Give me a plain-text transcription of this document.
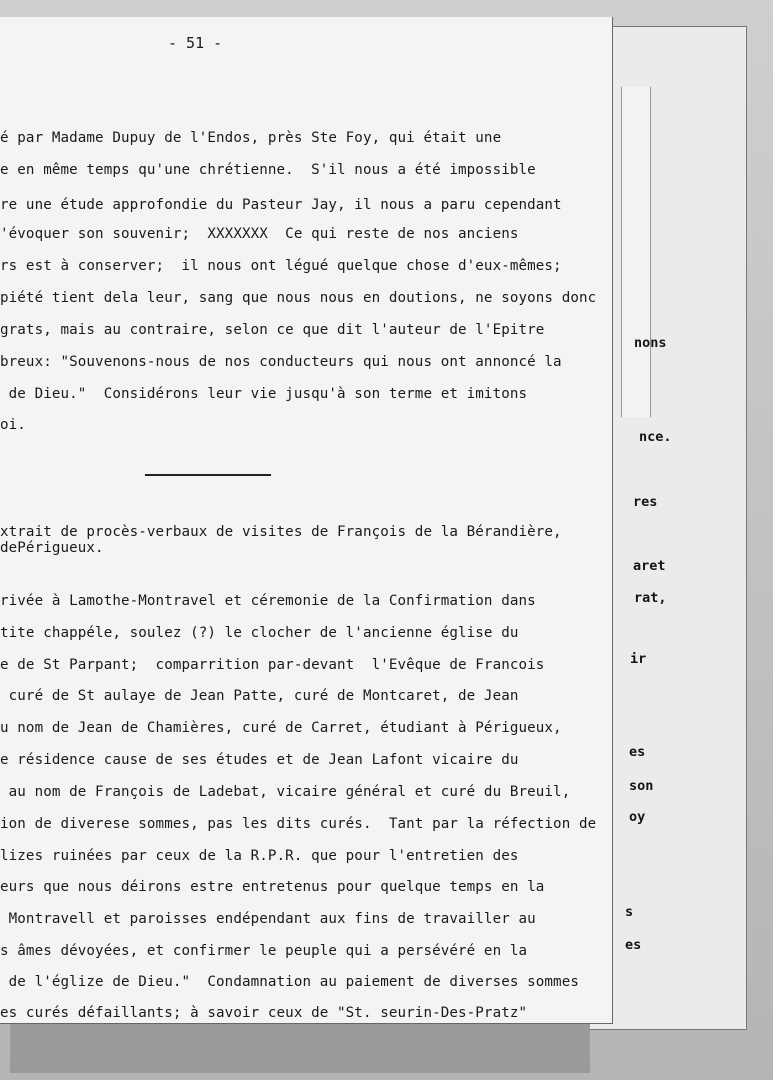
nons
nce.
res
aret
rat,
ir
es
son
oy
s
es
- 51 -
é par Madame Dupuy de l'Endos, près Ste Foy, qui était une
e en même temps qu'une chrétienne.  S'il nous a été impossible
re une étude approfondie du Pasteur Jay, il nous a paru cependant
'évoquer son souvenir;  XXXXXXX  Ce qui reste de nos anciens
rs est à conserver;  il nous ont légué quelque chose d'eux-mêmes;
piété tient dela leur, sang que nous nous en doutions, ne soyons donc
grats, mais au contraire, selon ce que dit l'auteur de l'Epitre
breux: "Souvenons-nous de nos conducteurs qui nous ont annoncé la
de Dieu."  Considérons leur vie jusqu'à son terme et imitons
oi.
xtrait de procès-verbaux de visites de François de la Bérandière,
dePérigueux.
rivée à Lamothe-Montravel et céremonie de la Confirmation dans
tite chappéle, soulez (?) le clocher de l'ancienne église du
e de St Parpant;  comparrition par-devant  l'Evêque de Francois
curé de St aulaye de Jean Patte, curé de Montcaret, de Jean
u nom de Jean de Chamières, curé de Carret, étudiant à Périgueux,
e résidence cause de ses études et de Jean Lafont vicaire du
au nom de François de Ladebat, vicaire général et curé du Breuil,
ion de diverese sommes, pas les dits curés.  Tant par la réfection de
lizes ruinées par ceux de la R.P.R. que pour l'entretien des
eurs que nous déirons estre entretenus pour quelque temps en la
Montravell et paroisses endépendant aux fins de travailler au
s âmes dévoyées, et confirmer le peuple qui a persévéré en la
de l'églize de Dieu."  Condamnation au paiement de diverses sommes
es curés défaillants; à savoir ceux de "St. seurin-Des-Pratz"
